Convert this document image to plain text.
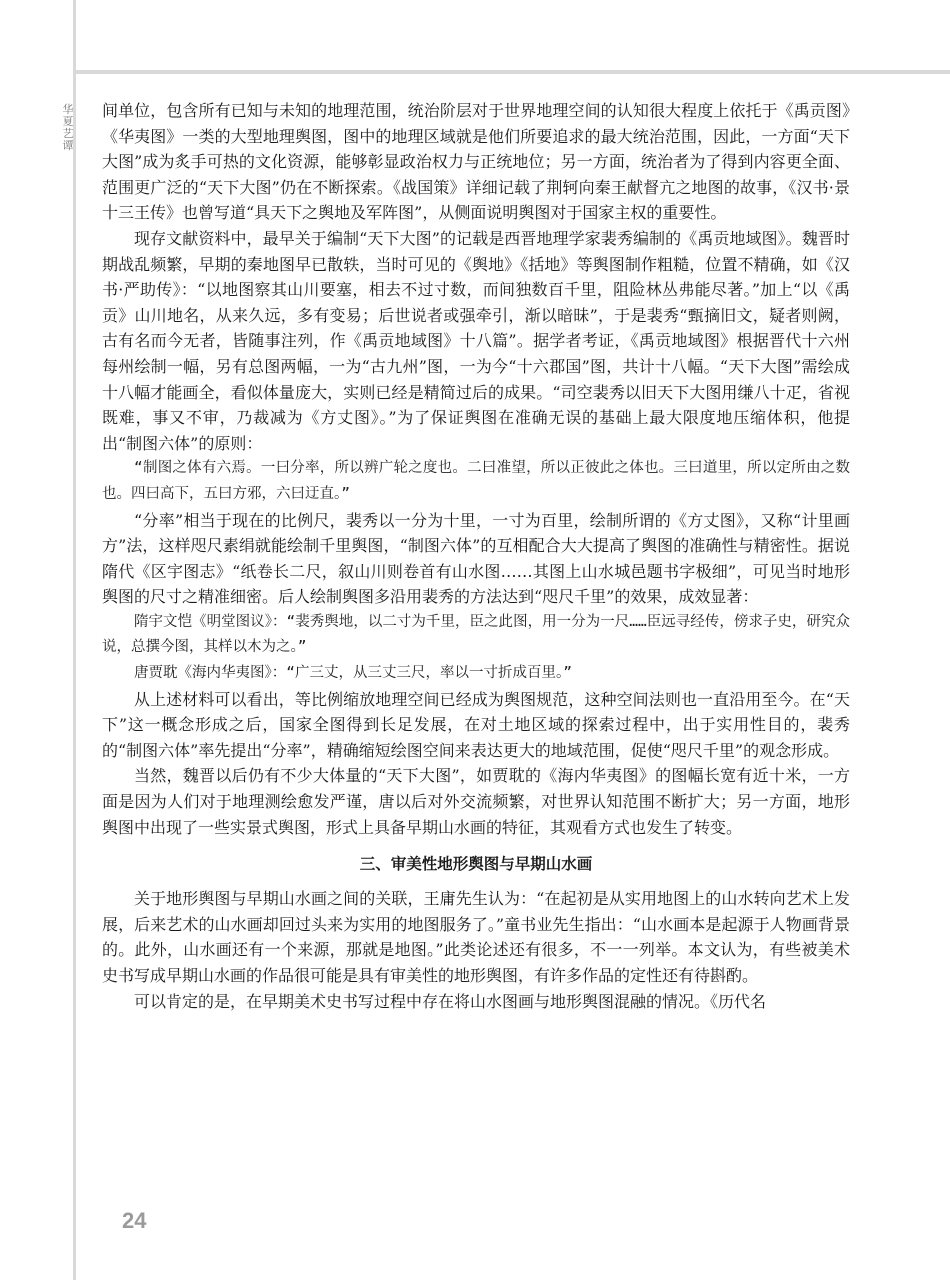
华夏艺谭

间单位，包含所有已知与未知的地理范围，统治阶层对于世界地理空间的认知很大程度上依托于《禹贡图》《华夷图》一类的大型地理舆图，图中的地理区域就是他们所要追求的最大统治范围，因此，一方面“天下大图”成为炙手可热的文化资源，能够彰显政治权力与正统地位；另一方面，统治者为了得到内容更全面、范围更广泛的“天下大图”仍在不断探索。《战国策》详细记载了荆轲向秦王献督亢之地图的故事，《汉书·景十三王传》也曾写道“具天下之舆地及军阵图”，从侧面说明舆图对于国家主权的重要性。

现存文献资料中，最早关于编制“天下大图”的记载是西晋地理学家裴秀编制的《禹贡地域图》。魏晋时期战乱频繁，早期的秦地图早已散轶，当时可见的《舆地》《括地》等舆图制作粗糙，位置不精确，如《汉书·严助传》：“以地图察其山川要塞，相去不过寸数，而间独数百千里，阻险林丛弗能尽著。”加上“以《禹贡》山川地名，从来久远，多有变易；后世说者或强牵引，渐以暗昧”，于是裴秀“甄摘旧文，疑者则阙，古有名而今无者，皆随事注列，作《禹贡地域图》十八篇”。据学者考证，《禹贡地域图》根据晋代十六州每州绘制一幅，另有总图两幅，一为“古九州”图，一为今“十六郡国”图，共计十八幅。“天下大图”需绘成十八幅才能画全，看似体量庞大，实则已经是精简过后的成果。“司空裴秀以旧天下大图用缣八十疋，省视既难，事又不审，乃裁减为《方丈图》。”为了保证舆图在准确无误的基础上最大限度地压缩体积，他提出“制图六体”的原则：

“制图之体有六焉。一曰分率，所以辨广轮之度也。二曰准望，所以正彼此之体也。三曰道里，所以定所由之数也。四曰高下，五曰方邪，六曰迂直。”

“分率”相当于现在的比例尺，裴秀以一分为十里，一寸为百里，绘制所谓的《方丈图》，又称“计里画方”法，这样咫尺素绢就能绘制千里舆图，“制图六体”的互相配合大大提高了舆图的准确性与精密性。据说隋代《区宇图志》“纸卷长二尺，叙山川则卷首有山水图……其图上山水城邑题书字极细”，可见当时地形舆图的尺寸之精准细密。后人绘制舆图多沿用裴秀的方法达到“咫尺千里”的效果，成效显著：

隋宇文恺《明堂图议》：“裴秀舆地，以二寸为千里，臣之此图，用一分为一尺……臣远寻经传，傍求子史，研究众说，总撰今图，其样以木为之。”

唐贾耽《海内华夷图》：“广三丈，从三丈三尺，率以一寸折成百里。”

从上述材料可以看出，等比例缩放地理空间已经成为舆图规范，这种空间法则也一直沿用至今。在“天下”这一概念形成之后，国家全图得到长足发展，在对土地区域的探索过程中，出于实用性目的，裴秀的“制图六体”率先提出“分率”，精确缩短绘图空间来表达更大的地域范围，促使“咫尺千里”的观念形成。

当然，魏晋以后仍有不少大体量的“天下大图”，如贾耽的《海内华夷图》的图幅长宽有近十米，一方面是因为人们对于地理测绘愈发严谨，唐以后对外交流频繁，对世界认知范围不断扩大；另一方面，地形舆图中出现了一些实景式舆图，形式上具备早期山水画的特征，其观看方式也发生了转变。

三、审美性地形舆图与早期山水画

关于地形舆图与早期山水画之间的关联，王庸先生认为：“在起初是从实用地图上的山水转向艺术上发展，后来艺术的山水画却回过头来为实用的地图服务了。”童书业先生指出：“山水画本是起源于人物画背景的。此外，山水画还有一个来源，那就是地图。”此类论述还有很多，不一一列举。本文认为，有些被美术史书写成早期山水画的作品很可能是具有审美性的地形舆图，有许多作品的定性还有待斟酌。

可以肯定的是，在早期美术史书写过程中存在将山水图画与地形舆图混融的情况。《历代名

24
